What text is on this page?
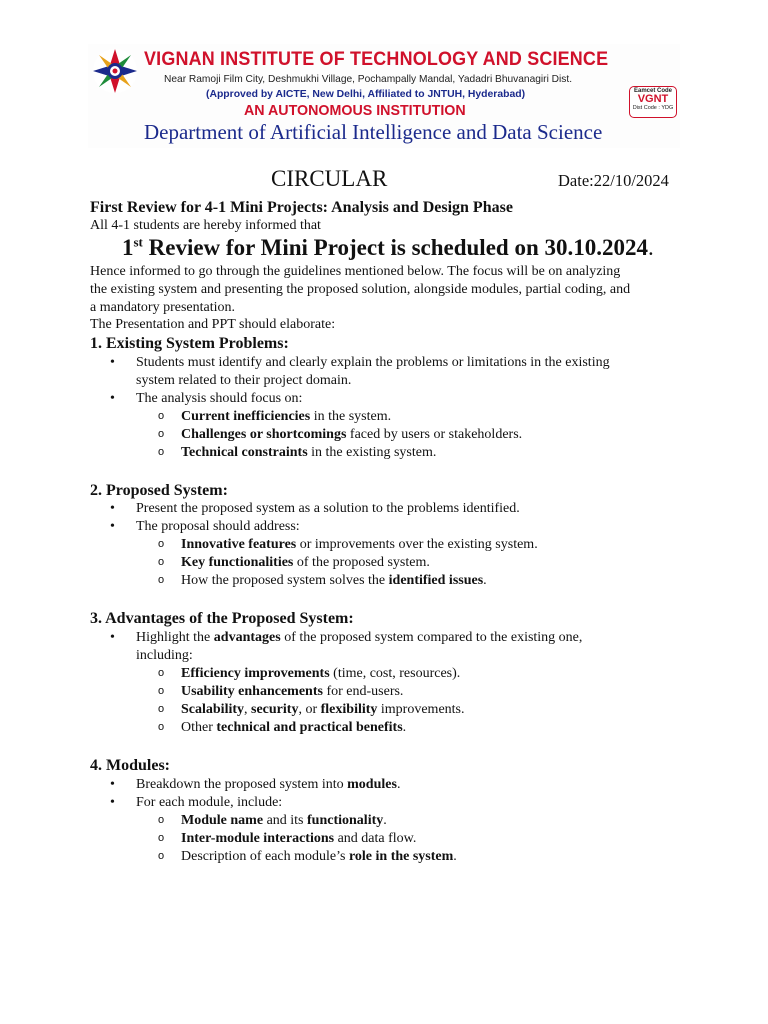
VIGNAN INSTITUTE OF TECHNOLOGY AND SCIENCE
Near Ramoji Film City, Deshmukhi Village, Pochampally Mandal, Yadadri Bhuvanagiri Dist.
(Approved by AICTE, New Delhi, Affiliated to JNTUH, Hyderabad)
AN AUTONOMOUS INSTITUTION
Department of Artificial Intelligence and Data Science
Eamcet Code
VGNT
Dist Code : YDG
CIRCULAR	Date:22/10/2024
First Review for 4-1 Mini Projects: Analysis and Design Phase
All 4-1 students are hereby informed that
1st Review for Mini Project is scheduled on 30.10.2024.
Hence informed to go through the guidelines mentioned below. The focus will be on analyzing
the existing system and presenting the proposed solution, alongside modules, partial coding, and
a mandatory presentation.
The Presentation and PPT should elaborate:
1. Existing System Problems:
• Students must identify and clearly explain the problems or limitations in the existing
system related to their project domain.
• The analysis should focus on:
o Current inefficiencies in the system.
o Challenges or shortcomings faced by users or stakeholders.
o Technical constraints in the existing system.
2. Proposed System:
• Present the proposed system as a solution to the problems identified.
• The proposal should address:
o Innovative features or improvements over the existing system.
o Key functionalities of the proposed system.
o How the proposed system solves the identified issues.
3. Advantages of the Proposed System:
• Highlight the advantages of the proposed system compared to the existing one,
including:
o Efficiency improvements (time, cost, resources).
o Usability enhancements for end-users.
o Scalability, security, or flexibility improvements.
o Other technical and practical benefits.
4. Modules:
• Breakdown the proposed system into modules.
• For each module, include:
o Module name and its functionality.
o Inter-module interactions and data flow.
o Description of each module’s role in the system.
